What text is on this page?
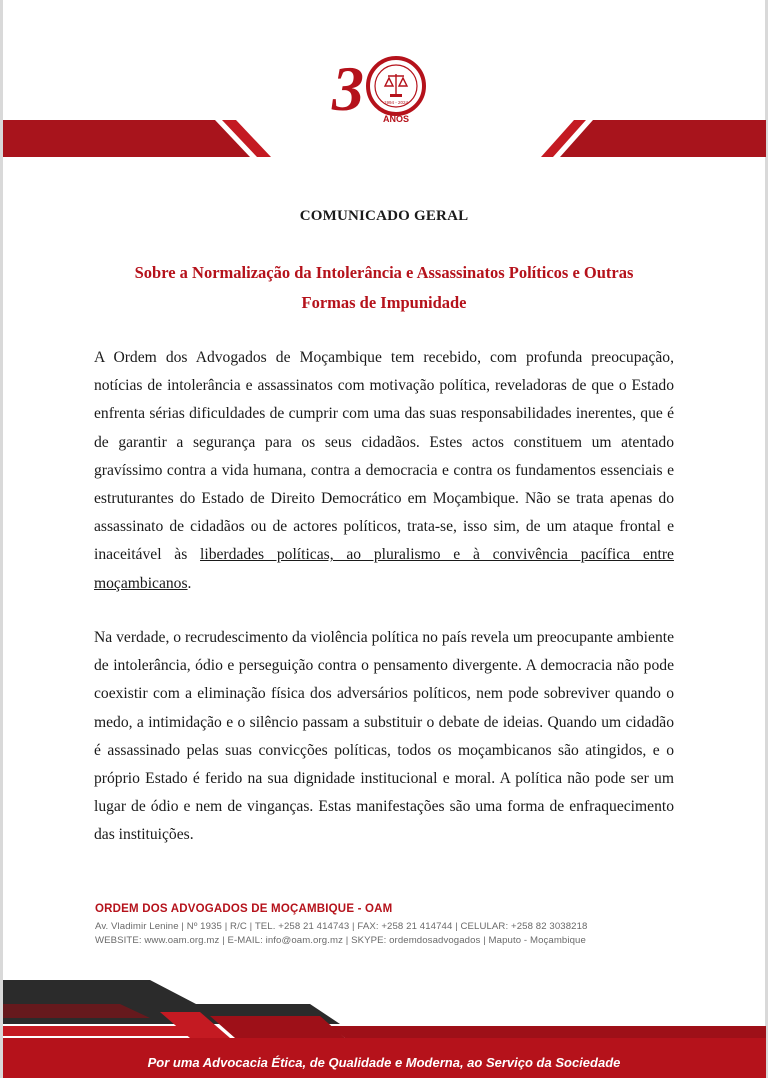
3	1994 - 2024
ANOS
COMUNICADO GERAL
Sobre a Normalização da Intolerância e Assassinatos Políticos e Outras
Formas de Impunidade

A Ordem dos Advogados de Moçambique tem recebido, com profunda preocupação, notícias de intolerância e assassinatos com motivação política, reveladoras de que o Estado enfrenta sérias dificuldades de cumprir com uma das suas responsabilidades inerentes, que é de garantir a segurança para os seus cidadãos. Estes actos constituem um atentado gravíssimo contra a vida humana, contra a democracia e contra os fundamentos essenciais e estruturantes do Estado de Direito Democrático em Moçambique. Não se trata apenas do assassinato de cidadãos ou de actores políticos, trata-se, isso sim, de um ataque frontal e inaceitável às liberdades políticas, ao pluralismo e à convivência pacífica entre moçambicanos.

Na verdade, o recrudescimento da violência política no país revela um preocupante ambiente de intolerância, ódio e perseguição contra o pensamento divergente. A democracia não pode coexistir com a eliminação física dos adversários políticos, nem pode sobreviver quando o medo, a intimidação e o silêncio passam a substituir o debate de ideias. Quando um cidadão é assassinado pelas suas convicções políticas, todos os moçambicanos são atingidos, e o próprio Estado é ferido na sua dignidade institucional e moral. A política não pode ser um lugar de ódio e nem de vinganças. Estas manifestações são uma forma de enfraquecimento das instituições.

ORDEM DOS ADVOGADOS DE MOÇAMBIQUE - OAM
Av. Vladimir Lenine | Nº 1935 | R/C | TEL. +258 21 414743 | FAX: +258 21 414744 | CELULAR: +258 82 3038218
WEBSITE: www.oam.org.mz | E-MAIL: info@oam.org.mz | SKYPE: ordemdosadvogados | Maputo - Moçambique
Por uma Advocacia Ética, de Qualidade e Moderna, ao Serviço da Sociedade
